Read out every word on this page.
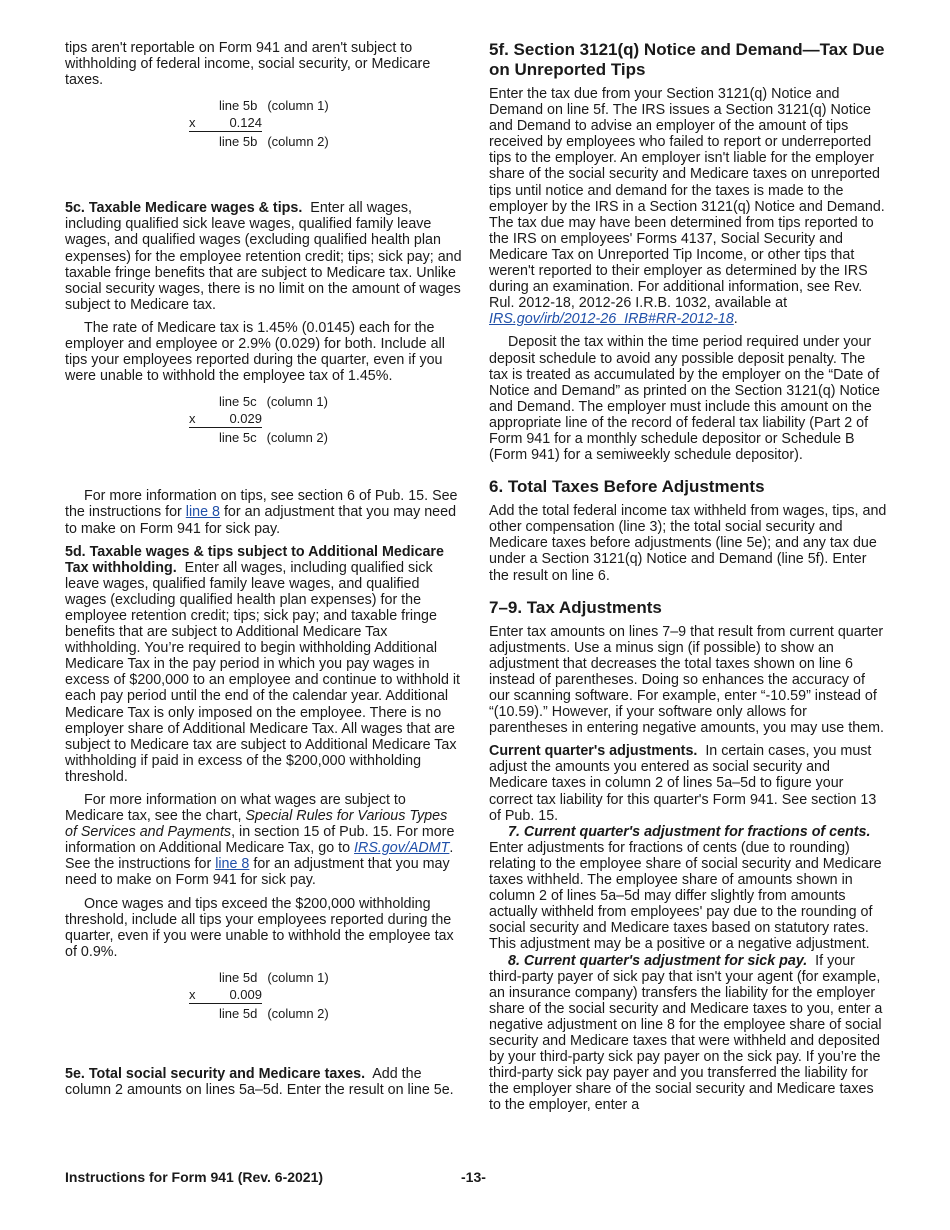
tips aren't reportable on Form 941 and aren't subject to withholding of federal income, social security, or Medicare taxes.

line 5b (column 1)
x	0.124
line 5b (column 2)

5c. Taxable Medicare wages & tips. Enter all wages, including qualified sick leave wages, qualified family leave wages, and qualified wages (excluding qualified health plan expenses) for the employee retention credit; tips; sick pay; and taxable fringe benefits that are subject to Medicare tax. Unlike social security wages, there is no limit on the amount of wages subject to Medicare tax.

The rate of Medicare tax is 1.45% (0.0145) each for the employer and employee or 2.9% (0.029) for both. Include all tips your employees reported during the quarter, even if you were unable to withhold the employee tax of 1.45%.

line 5c (column 1)
x	0.029
line 5c (column 2)

For more information on tips, see section 6 of Pub. 15. See the instructions for line 8 for an adjustment that you may need to make on Form 941 for sick pay.

5d. Taxable wages & tips subject to Additional Medicare Tax withholding. Enter all wages, including qualified sick leave wages, qualified family leave wages, and qualified wages (excluding qualified health plan expenses) for the employee retention credit; tips; sick pay; and taxable fringe benefits that are subject to Additional Medicare Tax withholding. You’re required to begin withholding Additional Medicare Tax in the pay period in which you pay wages in excess of $200,000 to an employee and continue to withhold it each pay period until the end of the calendar year. Additional Medicare Tax is only imposed on the employee. There is no employer share of Additional Medicare Tax. All wages that are subject to Medicare tax are subject to Additional Medicare Tax withholding if paid in excess of the $200,000 withholding threshold.

For more information on what wages are subject to Medicare tax, see the chart, Special Rules for Various Types of Services and Payments, in section 15 of Pub. 15. For more information on Additional Medicare Tax, go to IRS.gov/ADMT. See the instructions for line 8 for an adjustment that you may need to make on Form 941 for sick pay.

Once wages and tips exceed the $200,000 withholding threshold, include all tips your employees reported during the quarter, even if you were unable to withhold the employee tax of 0.9%.

line 5d (column 1)
x	0.009
line 5d (column 2)

5e. Total social security and Medicare taxes. Add the column 2 amounts on lines 5a–5d. Enter the result on line 5e.

5f. Section 3121(q) Notice and Demand—Tax Due on Unreported Tips

Enter the tax due from your Section 3121(q) Notice and Demand on line 5f. The IRS issues a Section 3121(q) Notice and Demand to advise an employer of the amount of tips received by employees who failed to report or underreported tips to the employer. An employer isn't liable for the employer share of the social security and Medicare taxes on unreported tips until notice and demand for the taxes is made to the employer by the IRS in a Section 3121(q) Notice and Demand. The tax due may have been determined from tips reported to the IRS on employees' Forms 4137, Social Security and Medicare Tax on Unreported Tip Income, or other tips that weren't reported to their employer as determined by the IRS during an examination. For additional information, see Rev. Rul. 2012-18, 2012-26 I.R.B. 1032, available at IRS.gov/irb/2012-26_IRB#RR-2012-18.

Deposit the tax within the time period required under your deposit schedule to avoid any possible deposit penalty. The tax is treated as accumulated by the employer on the “Date of Notice and Demand” as printed on the Section 3121(q) Notice and Demand. The employer must include this amount on the appropriate line of the record of federal tax liability (Part 2 of Form 941 for a monthly schedule depositor or Schedule B (Form 941) for a semiweekly schedule depositor).

6. Total Taxes Before Adjustments

Add the total federal income tax withheld from wages, tips, and other compensation (line 3); the total social security and Medicare taxes before adjustments (line 5e); and any tax due under a Section 3121(q) Notice and Demand (line 5f). Enter the result on line 6.

7–9. Tax Adjustments

Enter tax amounts on lines 7–9 that result from current quarter adjustments. Use a minus sign (if possible) to show an adjustment that decreases the total taxes shown on line 6 instead of parentheses. Doing so enhances the accuracy of our scanning software. For example, enter “-10.59” instead of “(10.59).” However, if your software only allows for parentheses in entering negative amounts, you may use them.

Current quarter's adjustments. In certain cases, you must adjust the amounts you entered as social security and Medicare taxes in column 2 of lines 5a–5d to figure your correct tax liability for this quarter's Form 941. See section 13 of Pub. 15.

7. Current quarter's adjustment for fractions of cents. Enter adjustments for fractions of cents (due to rounding) relating to the employee share of social security and Medicare taxes withheld. The employee share of amounts shown in column 2 of lines 5a–5d may differ slightly from amounts actually withheld from employees' pay due to the rounding of social security and Medicare taxes based on statutory rates. This adjustment may be a positive or a negative adjustment.

8. Current quarter's adjustment for sick pay. If your third-party payer of sick pay that isn't your agent (for example, an insurance company) transfers the liability for the employer share of the social security and Medicare taxes to you, enter a negative adjustment on line 8 for the employee share of social security and Medicare taxes that were withheld and deposited by your third-party sick pay payer on the sick pay. If you’re the third-party sick pay payer and you transferred the liability for the employer share of the social security and Medicare taxes to the employer, enter a

Instructions for Form 941 (Rev. 6-2021)	-13-
